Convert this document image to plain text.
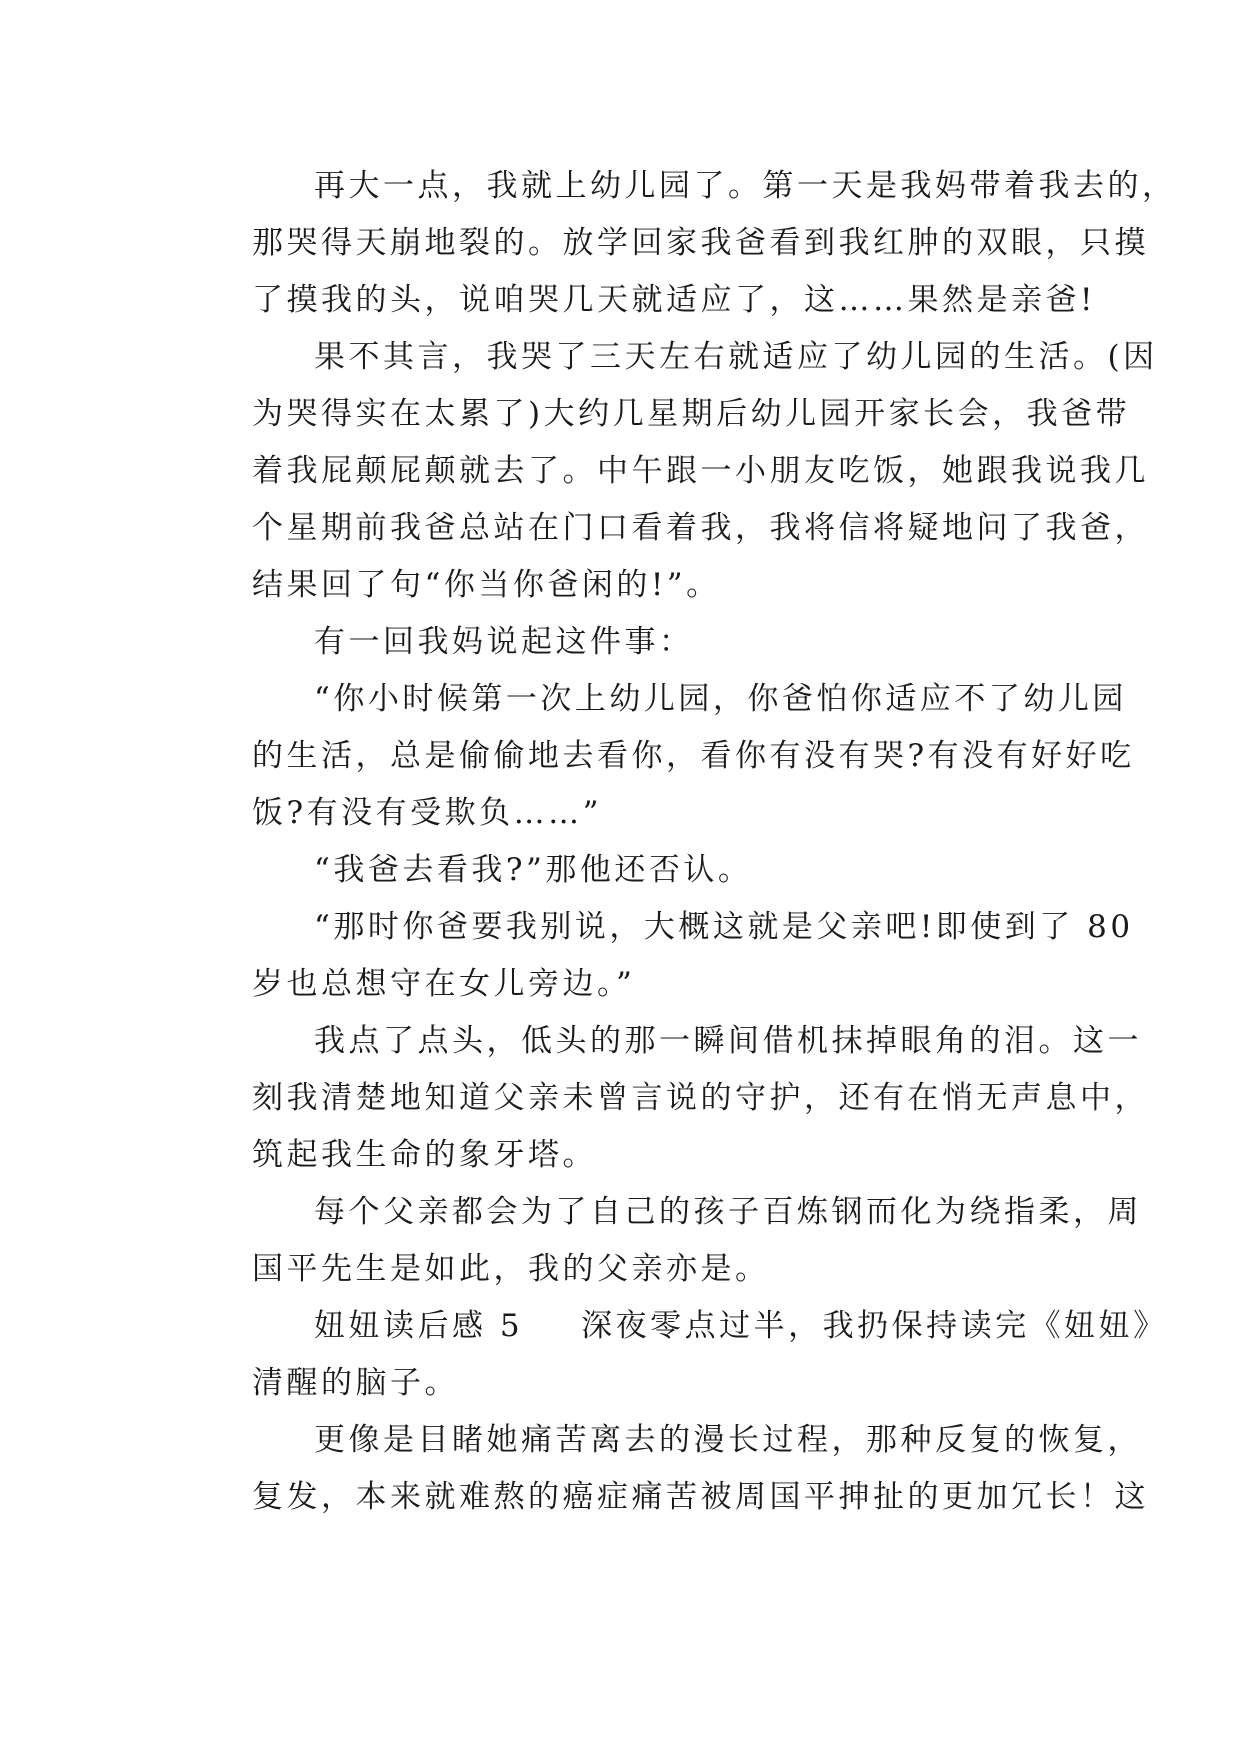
再大一点，我就上幼儿园了。第一天是我妈带着我去的，
那哭得天崩地裂的。放学回家我爸看到我红肿的双眼，只摸
了摸我的头，说咱哭几天就适应了，这……果然是亲爸!
果不其言，我哭了三天左右就适应了幼儿园的生活。(因
为哭得实在太累了)大约几星期后幼儿园开家长会，我爸带
着我屁颠屁颠就去了。中午跟一小朋友吃饭，她跟我说我几
个星期前我爸总站在门口看着我，我将信将疑地问了我爸，
结果回了句“你当你爸闲的!”。
有一回我妈说起这件事：
“你小时候第一次上幼儿园，你爸怕你适应不了幼儿园
的生活，总是偷偷地去看你，看你有没有哭?有没有好好吃
饭?有没有受欺负……”
“我爸去看我?”那他还否认。
“那时你爸要我别说，大概这就是父亲吧!即使到了 80
岁也总想守在女儿旁边。”
我点了点头，低头的那一瞬间借机抹掉眼角的泪。这一
刻我清楚地知道父亲未曾言说的守护，还有在悄无声息中，
筑起我生命的象牙塔。
每个父亲都会为了自己的孩子百炼钢而化为绕指柔，周
国平先生是如此，我的父亲亦是。
妞妞读后感 5 深夜零点过半，我扔保持读完《妞妞》
清醒的脑子。
更像是目睹她痛苦离去的漫长过程，那种反复的恢复，
复发，本来就难熬的癌症痛苦被周国平抻扯的更加冗长！这
